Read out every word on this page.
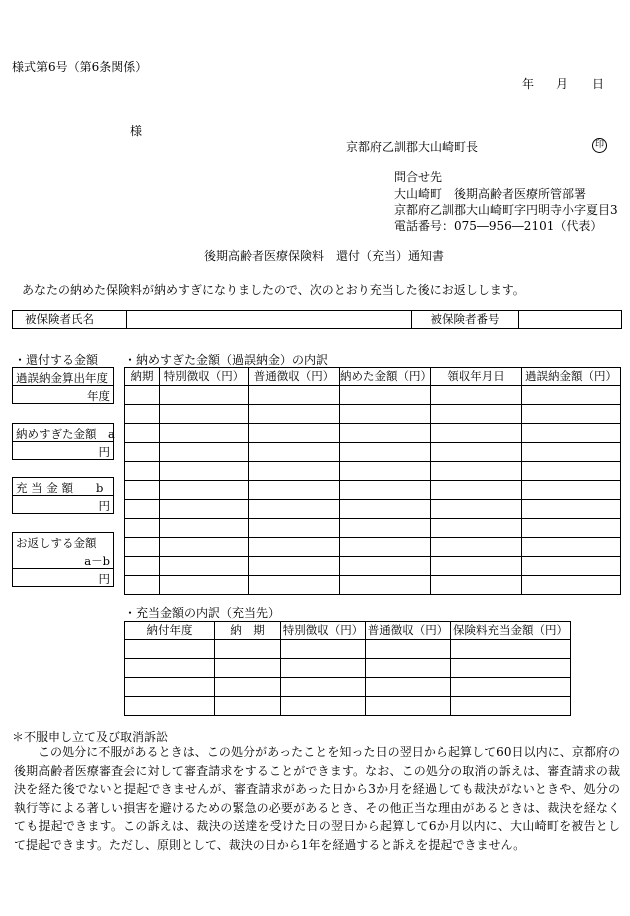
様式第6号（第6条関係）
年 月 日
様
京都府乙訓郡大山崎町長	印
問合せ先
大山崎町　後期高齢者医療所管部署
京都府乙訓郡大山崎町字円明寺小字夏目3
電話番号：075―956―2101（代表）
後期高齢者医療保険料　還付（充当）通知書
あなたの納めた保険料が納めすぎになりましたので、次のとおり充当した後にお返しします。
被保険者氏名		被保険者番号	
・還付する金額
過誤納金算出年度
年度
納めすぎた金額　a
円
充 当 金 額　　b
円
お返しする金額
a－b
円
・納めすぎた金額（過誤納金）の内訳
納期	特別徴収（円）	普通徴収（円）	納めた金額（円）	領収年月日	過誤納金額（円）

・充当金額の内訳（充当先）
納付年度	納　期	特別徴収（円）	普通徴収（円）	保険料充当金額（円）

＊不服申し立て及び取消訴訟

この処分に不服があるときは、この処分があったことを知った日の翌日から起算して60日以内に、京都府の後期高齢者医療審査会に対して審査請求をすることができます。なお、この処分の取消の訴えは、審査請求の裁決を経た後でないと提起できませんが、審査請求があった日から3か月を経過しても裁決がないときや、処分の執行等による著しい損害を避けるための緊急の必要があるとき、その他正当な理由があるときは、裁決を経なくても提起できます。この訴えは、裁決の送達を受けた日の翌日から起算して6か月以内に、大山崎町を被告として提起できます。ただし、原則として、裁決の日から1年を経過すると訴えを提起できません。
